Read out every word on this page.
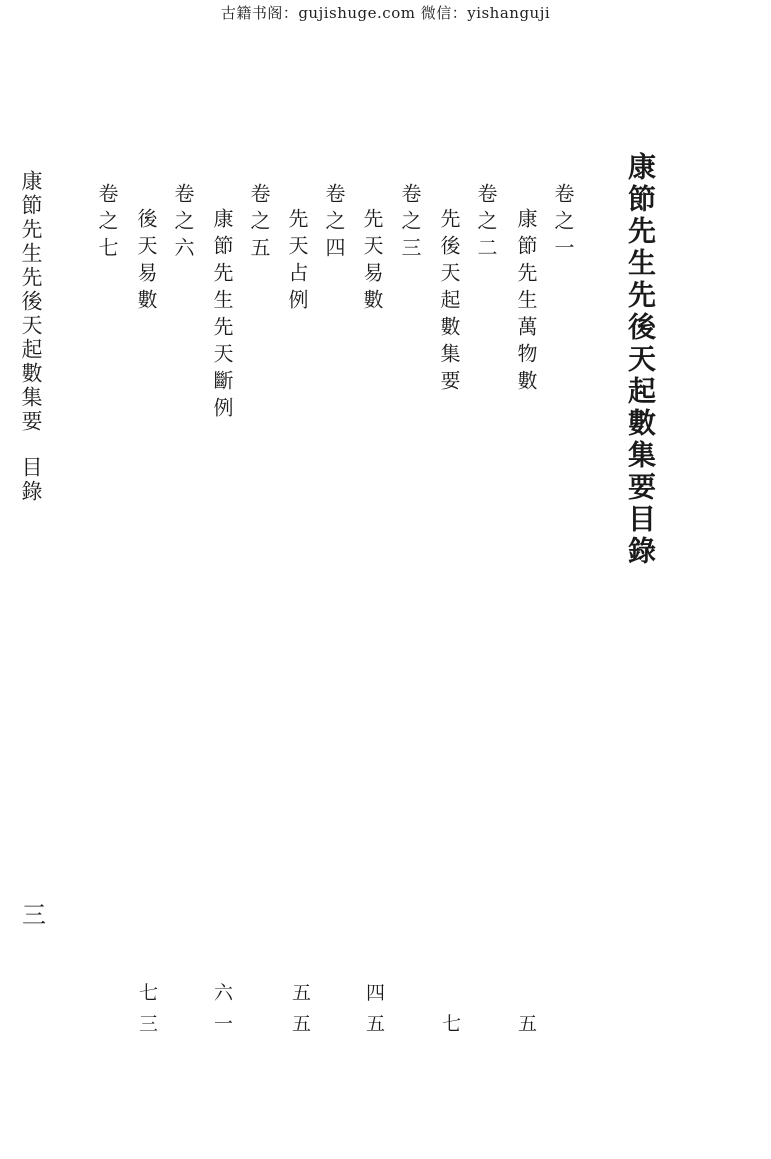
古籍书阁：gujishuge.com 微信：yishanguji
康節先生先後天起數集要目錄
卷之一
康節先生萬物數
卷之二
先後天起數集要
卷之三
先天易數
卷之四
先天占例
卷之五
康節先生先天斷例
卷之六
後天易數
卷之七
四
五
六
七
五
七
五
五
一
三
康節先生先後天起數集要目錄
三
